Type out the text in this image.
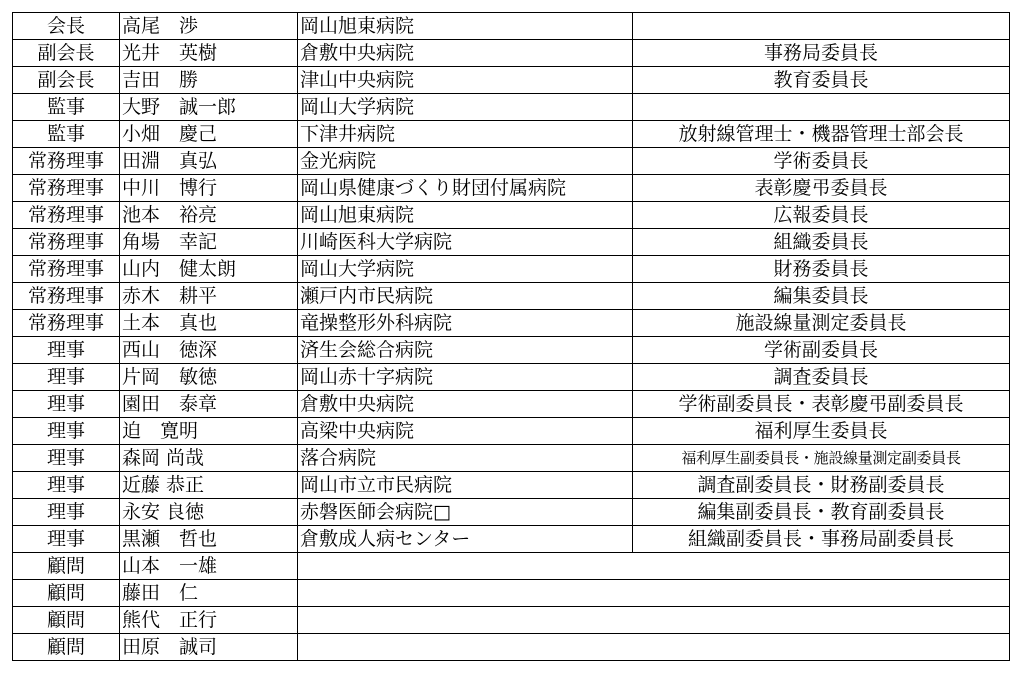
会長	高尾　渉	岡山旭東病院	
副会長	光井　英樹	倉敷中央病院	事務局委員長
副会長	吉田　勝	津山中央病院	教育委員長
監事	大野　誠一郎	岡山大学病院	
監事	小畑　慶己	下津井病院	放射線管理士・機器管理士部会長
常務理事	田淵　真弘	金光病院	学術委員長
常務理事	中川　博行	岡山県健康づくり財団付属病院	表彰慶弔委員長
常務理事	池本　裕亮	岡山旭東病院	広報委員長
常務理事	角場　幸記	川崎医科大学病院	組織委員長
常務理事	山内　健太朗	岡山大学病院	財務委員長
常務理事	赤木　耕平	瀬戸内市民病院	編集委員長
常務理事	土本　真也	竜操整形外科病院	施設線量測定委員長
理事	西山　徳深	済生会総合病院	学術副委員長
理事	片岡　敏徳	岡山赤十字病院	調査委員長
理事	園田　泰章	倉敷中央病院	学術副委員長・表彰慶弔副委員長
理事	迫　寛明	高梁中央病院	福利厚生委員長
理事	森岡 尚哉	落合病院	福利厚生副委員長・施設線量測定副委員長
理事	近藤 恭正	岡山市立市民病院	調査副委員長・財務副委員長
理事	永安 良徳	赤磐医師会病院□	編集副委員長・教育副委員長
理事	黒瀬　哲也	倉敷成人病センター	組織副委員長・事務局副委員長
顧問	山本　一雄		
顧問	藤田　仁		
顧問	熊代　正行		
顧問	田原　誠司		
